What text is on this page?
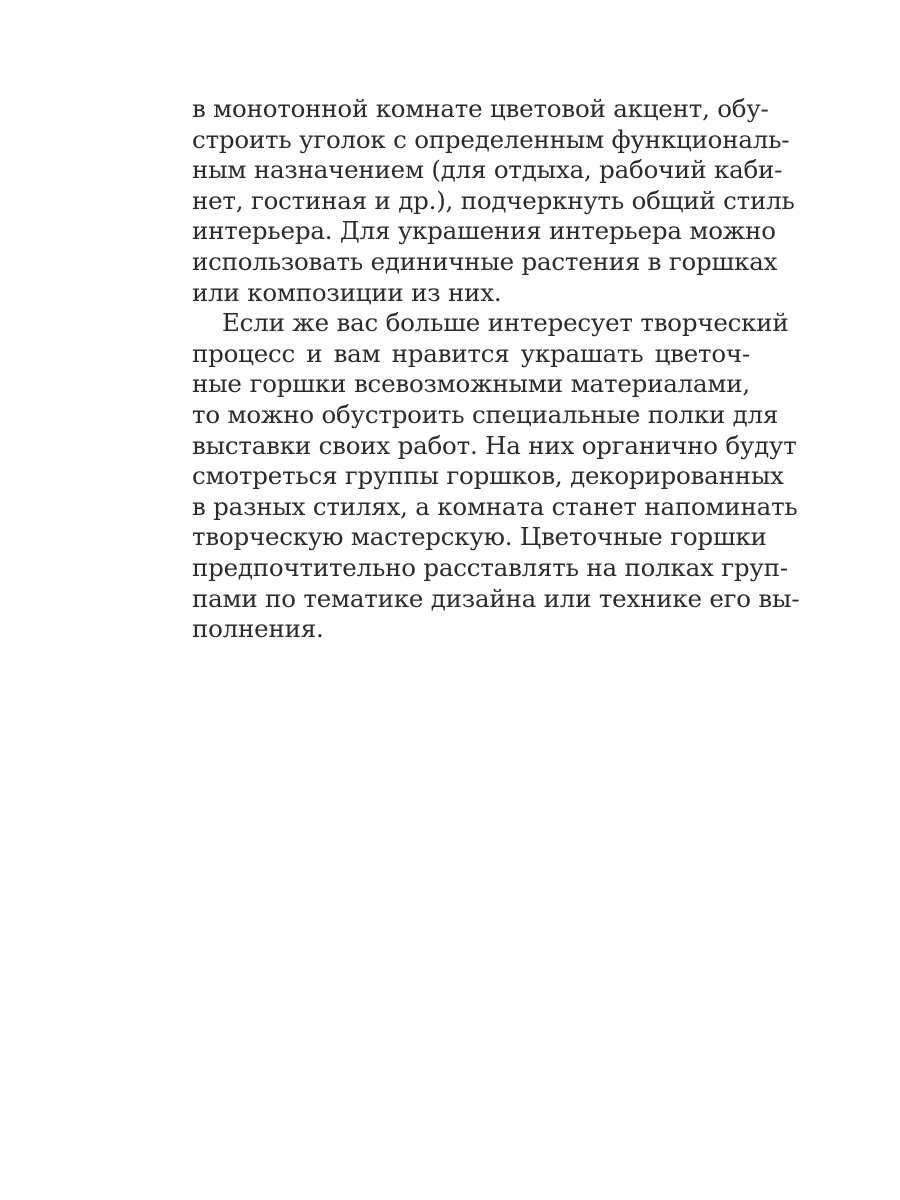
в монотонной комнате цветовой акцент, обу-
строить уголок с определенным функциональ-
ным назначением (для отдыха, рабочий каби-
нет, гостиная и др.), подчеркнуть общий стиль
интерьера. Для украшения интерьера можно
использовать единичные растения в горшках
или композиции из них.
Если же вас больше интересует творческий
процесс и вам нравится украшать цветоч-
ные горшки всевозможными материалами,
то можно обустроить специальные полки для
выставки своих работ. На них органично будут
смотреться группы горшков, декорированных
в разных стилях, а комната станет напоминать
творческую мастерскую. Цветочные горшки
предпочтительно расставлять на полках груп-
пами по тематике дизайна или технике его вы-
полнения.
